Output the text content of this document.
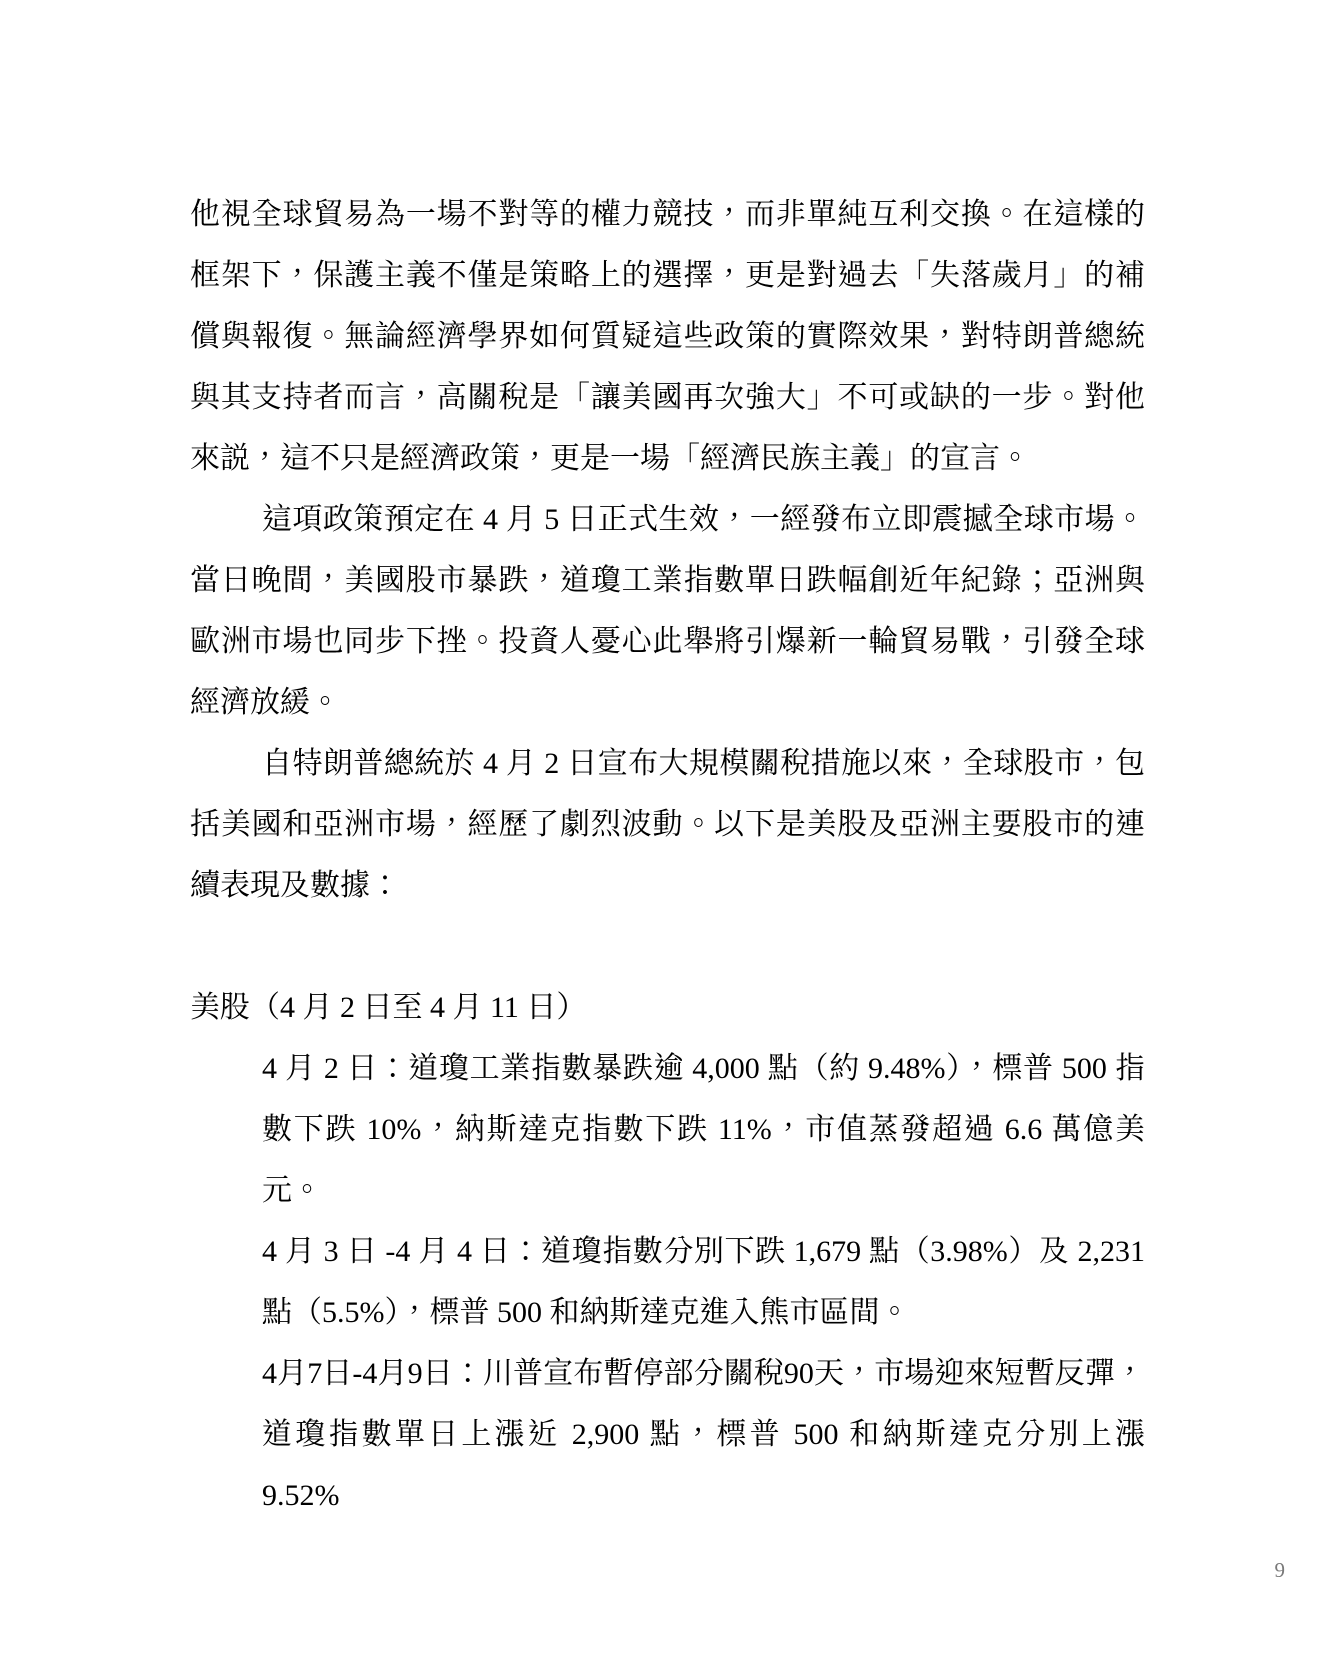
他視全球貿易為一場不對等的權力競技，而非單純互利交換。在這樣的框架下，保護主義不僅是策略上的選擇，更是對過去「失落歲月」的補償與報復。無論經濟學界如何質疑這些政策的實際效果，對特朗普總統與其支持者而言，高關稅是「讓美國再次強大」不可或缺的一步。對他來説，這不只是經濟政策，更是一場「經濟民族主義」的宣言。

這項政策預定在 4 月 5 日正式生效，一經發布立即震撼全球市場。當日晚間，美國股市暴跌，道瓊工業指數單日跌幅創近年紀錄；亞洲與歐洲市場也同步下挫。投資人憂心此舉將引爆新一輪貿易戰，引發全球經濟放緩。

自特朗普總統於 4 月 2 日宣布大規模關稅措施以來，全球股市，包括美國和亞洲市場，經歷了劇烈波動。以下是美股及亞洲主要股市的連續表現及數據：

美股（4 月 2 日至 4 月 11 日）

4 月 2 日：道瓊工業指數暴跌逾 4,000 點（約 9.48%），標普 500 指數下跌 10%，納斯達克指數下跌 11%，市值蒸發超過 6.6 萬億美元。

4 月 3 日 -4 月 4 日：道瓊指數分別下跌 1,679 點（3.98%）及 2,231 點（5.5%），標普 500 和納斯達克進入熊市區間。

4月7日-4月9日：川普宣布暫停部分關稅90天，市場迎來短暫反彈，道瓊指數單日上漲近 2,900 點，標普 500 和納斯達克分別上漲 9.52%

9
